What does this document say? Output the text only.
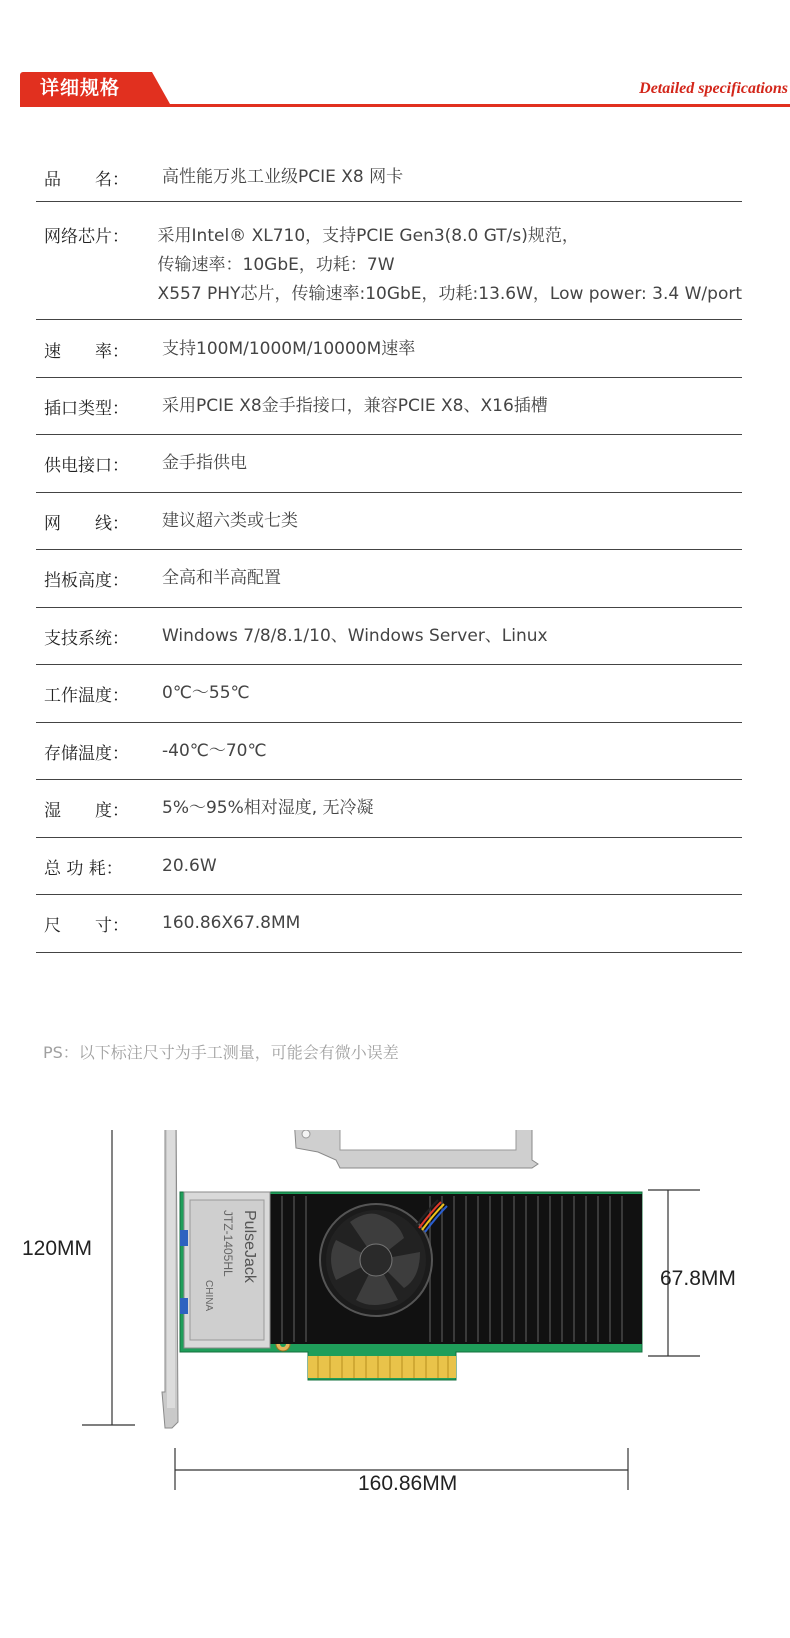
详细规格	Detailed specifications
品　　名：	高性能万兆工业级PCIE X8 网卡
网络芯片：	采用Intel® XL710，支持PCIE Gen3(8.0 GT/s)规范，
传输速率：10GbE，功耗：7W
X557 PHY芯片，传输速率:10GbE，功耗:13.6W，Low power: 3.4 W/port
速　　率：	支持100M/1000M/10000M速率
插口类型：	采用PCIE X8金手指接口，兼容PCIE X8、X16插槽
供电接口：	金手指供电
网　　线：	建议超六类或七类
挡板高度：	全高和半高配置
支技系统：	Windows 7/8/8.1/10、Windows Server、Linux
工作温度：	0℃～55℃
存储温度：	-40℃～70℃
湿　　度：	5%～95%相对湿度, 无冷凝
总 功 耗：	20.6W
尺　　寸：	160.86X67.8MM
PS：以下标注尺寸为手工测量，可能会有微小误差
PulseJack
JTZ-1405HL
CHINA
120MM
67.8MM
160.86MM
